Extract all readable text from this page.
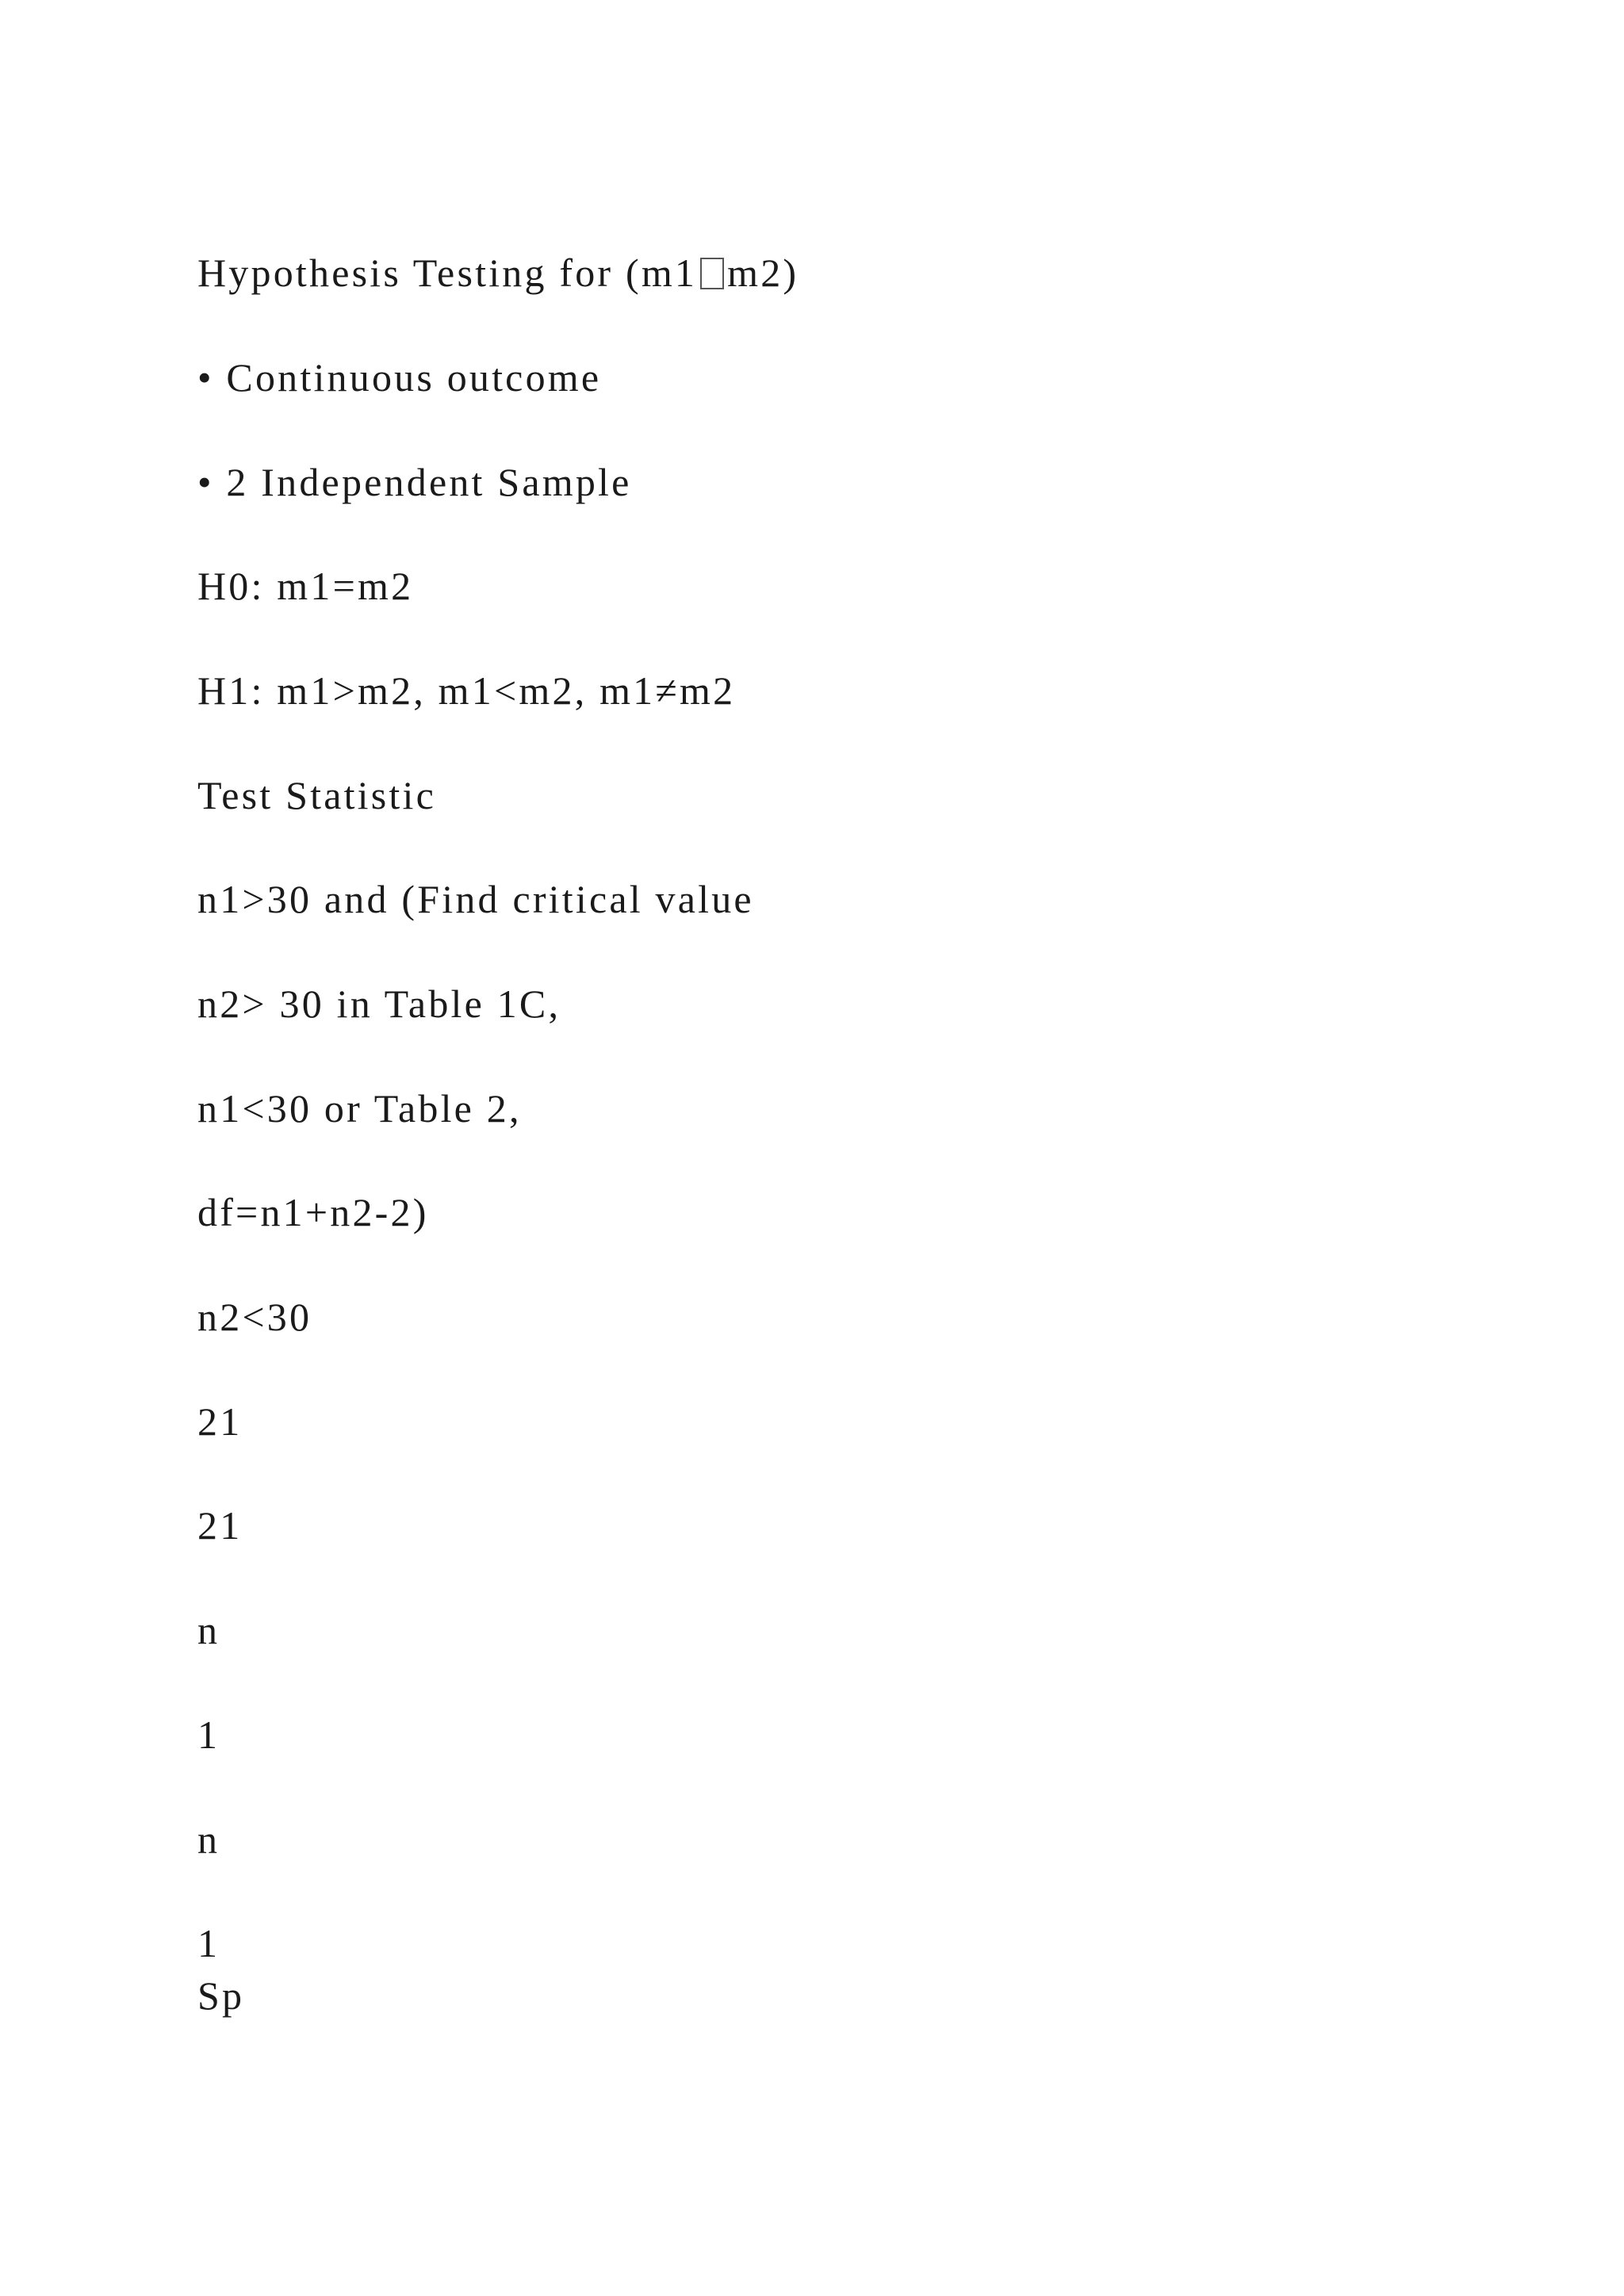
Hypothesis Testing for (m1 m2)
• Continuous outcome
• 2 Independent Sample
H0: m1=m2
H1: m1>m2, m1<m2, m1≠m2
Test Statistic
n1>30 and (Find critical value
n2> 30 in Table 1C,
n1<30 or Table 2,
df=n1+n2-2)
n2<30
21
21
n
1
n
1
Sp
